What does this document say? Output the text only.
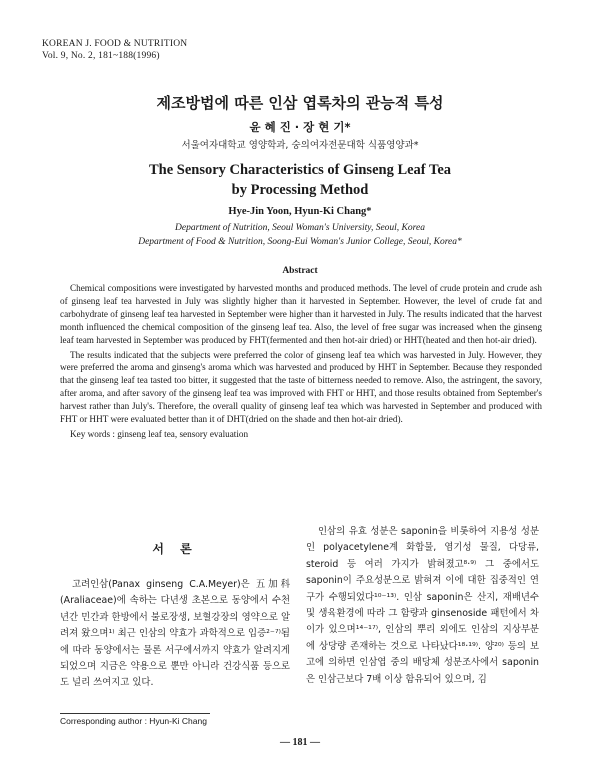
KOREAN J. FOOD & NUTRITION
Vol. 9, No. 2, 181~188(1996)
제조방법에 따른 인삼 엽록차의 관능적 특성
윤 혜 진 · 장 현 기*
서울여자대학교 영양학과, 숭의여자전문대학 식품영양과*
The Sensory Characteristics of Ginseng Leaf Tea
by Processing Method
Hye-Jin Yoon, Hyun-Ki Chang*
Department of Nutrition, Seoul Woman's University, Seoul, Korea
Department of Food & Nutrition, Soong-Eui Woman's Junior College, Seoul, Korea*
Abstract

Chemical compositions were investigated by harvested months and produced methods. The level of crude protein and crude ash of ginseng leaf tea harvested in July was slightly higher than it harvested in September. However, the level of crude fat and carbohydrate of ginseng leaf tea harvested in September were higher than it harvested in July. The results indicated that the harvest month influenced the chemical composition of the ginseng leaf tea. Also, the level of free sugar was increased when the ginseng leaf team harvested in September was produced by FHT(fermented and then hot-air dried) or HHT(heated and then hot-air dried).

The results indicated that the subjects were preferred the color of ginseng leaf tea which was harvested in July. However, they were preferred the aroma and ginseng's aroma which was harvested and produced by HHT in September. Because they responded that the ginseng leaf tea tasted too bitter, it suggested that the taste of bitterness needed to remove. Also, the astringent, the savory, after aroma, and after savory of the ginseng leaf tea was improved with FHT or HHT, and those results obtained from September's harvest rather than July's. Therefore, the overall quality of ginseng leaf tea which was harvested in September and produced with FHT or HHT were evaluated better than it of DHT(dried on the shade and then hot-air dried).

Key words : ginseng leaf tea, sensory evaluation

서 론

고려인삼(Panax ginseng C.A.Meyer)은 五加科(Araliaceae)에 속하는 다년생 초본으로 동양에서 수천년간 민간과 한방에서 불로장생, 보혈강장의 영약으로 알려져 왔으며¹⁾ 최근 인삼의 약효가 과학적으로 입증²⁻⁷⁾됨에 따라 동양에서는 물론 서구에서까지 약효가 알려지게 되었으며 지금은 약용으로 뿐만 아니라 건강식품 등으로도 널리 쓰여지고 있다.

인삼의 유효 성분은 saponin을 비롯하여 지용성 성분인 polyacetylene계 화합물, 염기성 물질, 다당류, steroid 등 여러 가지가 밝혀졌고⁸·⁹⁾ 그 중에서도 saponin이 주요성분으로 밝혀져 이에 대한 집중적인 연구가 수행되었다¹⁰⁻¹³⁾. 인삼 saponin은 산지, 재배년수 및 생육환경에 따라 그 함량과 ginsenoside 패턴에서 차이가 있으며¹⁴⁻¹⁷⁾, 인삼의 뿌리 외에도 인삼의 지상부분에 상당량 존재하는 것으로 나타났다¹⁸·¹⁹⁾. 양²⁰⁾ 등의 보고에 의하면 인삼엽 중의 배당체 성분조사에서 saponin은 인삼근보다 7배 이상 함유되어 있으며, 김

Corresponding author : Hyun-Ki Chang
— 181 —
